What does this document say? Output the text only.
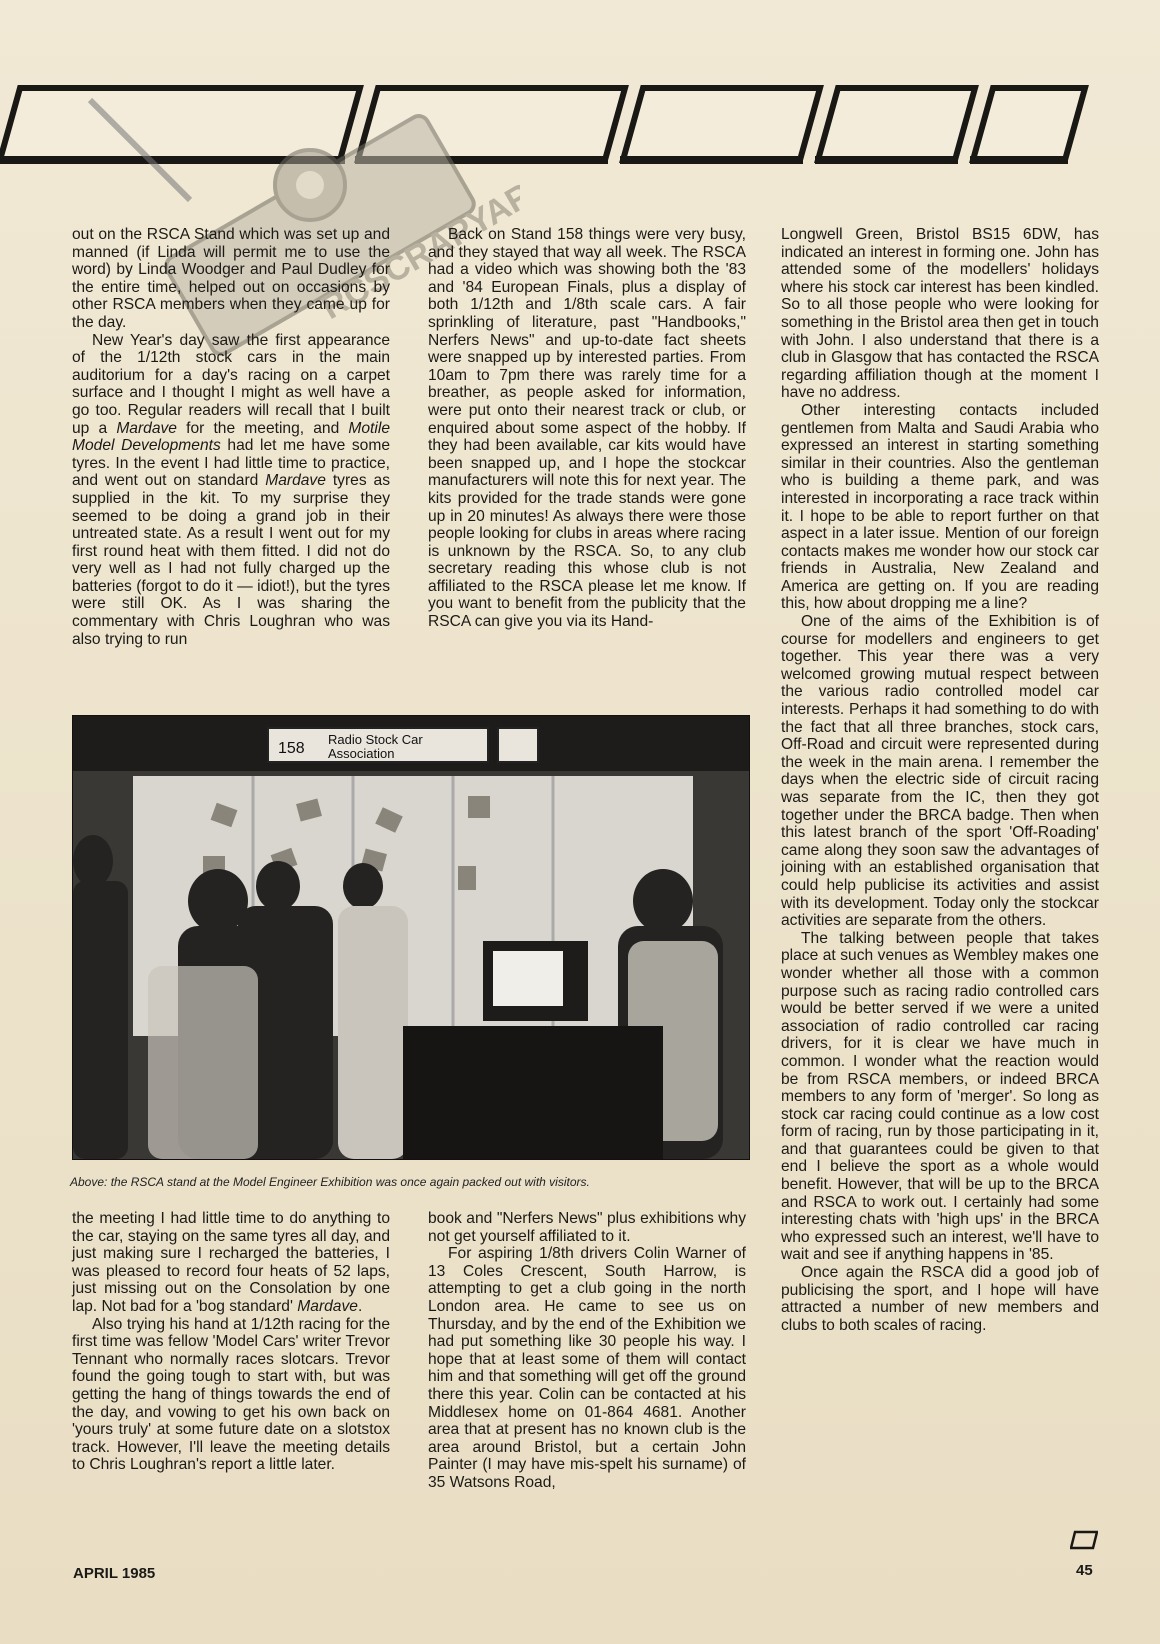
out on the RSCA Stand which was set up and manned (if Linda will permit me to use the word) by Linda Woodger and Paul Dudley for the entire time, helped out on occasions by other RSCA members when they came up for the day.

New Year's day saw the first appearance of the 1/12th stock cars in the main auditorium for a day's racing on a carpet surface and I thought I might as well have a go too. Regular readers will recall that I built up a Mardave for the meeting, and Motile Model Developments had let me have some tyres. In the event I had little time to practice, and went out on standard Mardave tyres as supplied in the kit. To my surprise they seemed to be doing a grand job in their untreated state. As a result I went out for my first round heat with them fitted. I did not do very well as I had not fully charged up the batteries (forgot to do it — idiot!), but the tyres were still OK. As I was sharing the commentary with Chris Loughran who was also trying to run

Back on Stand 158 things were very busy, and they stayed that way all week. The RSCA had a video which was showing both the '83 and '84 European Finals, plus a display of both 1/12th and 1/8th scale cars. A fair sprinkling of literature, past "Handbooks," Nerfers News" and up-to-date fact sheets were snapped up by interested parties. From 10am to 7pm there was rarely time for a breather, as people asked for information, were put onto their nearest track or club, or enquired about some aspect of the hobby. If they had been available, car kits would have been snapped up, and I hope the stockcar manufacturers will note this for next year. The kits provided for the trade stands were gone up in 20 minutes! As always there were those people looking for clubs in areas where racing is unknown by the RSCA. So, to any club secretary reading this whose club is not affiliated to the RSCA please let me know. If you want to benefit from the publicity that the RSCA can give you via its Hand-

Longwell Green, Bristol BS15 6DW, has indicated an interest in forming one. John has attended some of the modellers' holidays where his stock car interest has been kindled. So to all those people who were looking for something in the Bristol area then get in touch with John. I also understand that there is a club in Glasgow that has contacted the RSCA regarding affiliation though at the moment I have no address.

Other interesting contacts included gentlemen from Malta and Saudi Arabia who expressed an interest in starting something similar in their countries. Also the gentleman who is building a theme park, and was interested in incorporating a race track within it. I hope to be able to report further on that aspect in a later issue. Mention of our foreign contacts makes me wonder how our stock car friends in Australia, New Zealand and America are getting on. If you are reading this, how about dropping me a line?

One of the aims of the Exhibition is of course for modellers and engineers to get together. This year there was a very welcomed growing mutual respect between the various radio controlled model car interests. Perhaps it had something to do with the fact that all three branches, stock cars, Off-Road and circuit were represented during the week in the main arena. I remember the days when the electric side of circuit racing was separate from the IC, then they got together under the BRCA badge. Then when this latest branch of the sport 'Off-Roading' came along they soon saw the advantages of joining with an established organisation that could help publicise its activities and assist with its development. Today only the stockcar activities are separate from the others.

The talking between people that takes place at such venues as Wembley makes one wonder whether all those with a common purpose such as racing radio controlled cars would be better served if we were a united association of radio controlled car racing drivers, for it is clear we have much in common. I wonder what the reaction would be from RSCA members, or indeed BRCA members to any form of 'merger'. So long as stock car racing could continue as a low cost form of racing, run by those participating in it, and that guarantees could be given to that end I believe the sport as a whole would benefit. However, that will be up to the BRCA and RSCA to work out. I certainly had some interesting chats with 'high ups' in the BRCA who expressed such an interest, we'll have to wait and see if anything happens in '85.

Once again the RSCA did a good job of publicising the sport, and I hope will have attracted a number of new members and clubs to both scales of racing.

158
Radio Stock Car
Association
Above: the RSCA stand at the Model Engineer Exhibition was once again packed out with visitors.

the meeting I had little time to do anything to the car, staying on the same tyres all day, and just making sure I recharged the batteries, I was pleased to record four heats of 52 laps, just missing out on the Consolation by one lap. Not bad for a 'bog standard' Mardave.

Also trying his hand at 1/12th racing for the first time was fellow 'Model Cars' writer Trevor Tennant who normally races slotcars. Trevor found the going tough to start with, but was getting the hang of things towards the end of the day, and vowing to get his own back on 'yours truly' at some future date on a slotstox track. However, I'll leave the meeting details to Chris Loughran's report a little later.

book and "Nerfers News" plus exhibitions why not get yourself affiliated to it.

For aspiring 1/8th drivers Colin Warner of 13 Coles Crescent, South Harrow, is attempting to get a club going in the north London area. He came to see us on Thursday, and by the end of the Exhibition we had put something like 30 people his way. I hope that at least some of them will contact him and that something will get off the ground there this year. Colin can be contacted at his Middlesex home on 01-864 4681. Another area that at present has no known club is the area around Bristol, but a certain John Painter (I may have mis-spelt his surname) of 35 Watsons Road,

APRIL 1985	45
